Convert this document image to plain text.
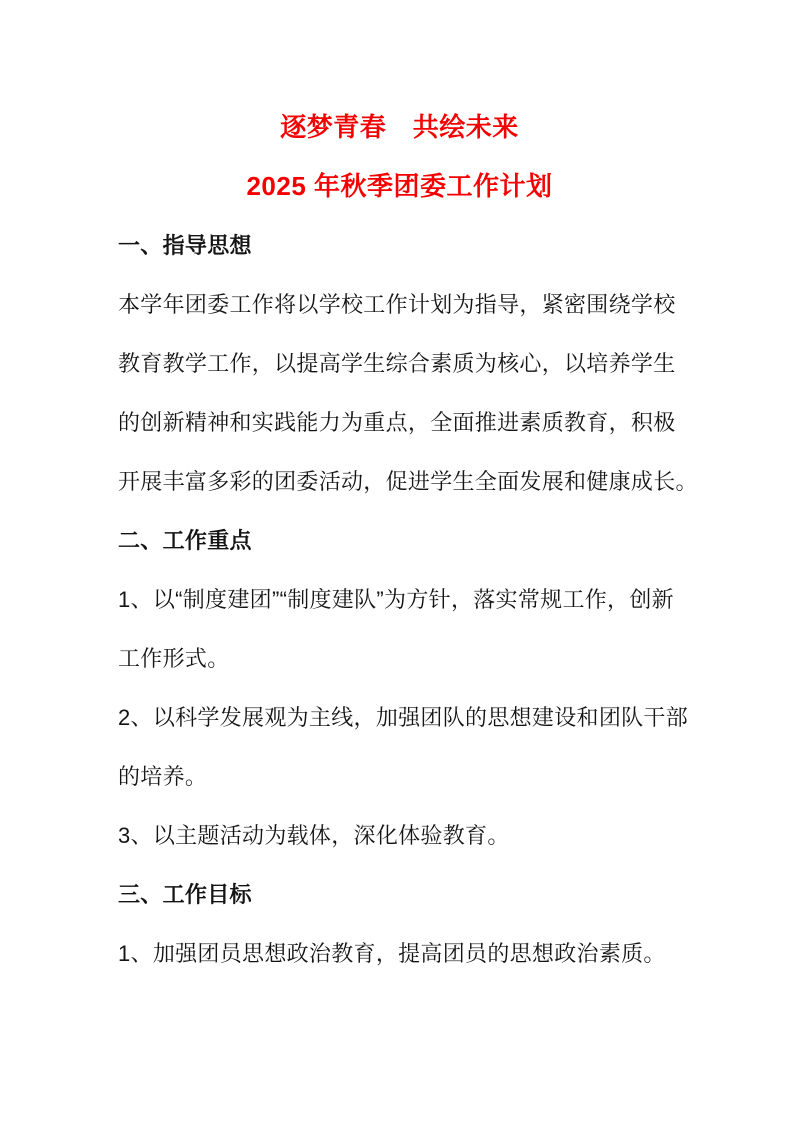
逐梦青春　共绘未来
2025 年秋季团委工作计划
一、指导思想
本学年团委工作将以学校工作计划为指导，紧密围绕学校
教育教学工作，以提高学生综合素质为核心，以培养学生
的创新精神和实践能力为重点，全面推进素质教育，积极
开展丰富多彩的团委活动，促进学生全面发展和健康成长。
二、工作重点
1、以“制度建团”“制度建队”为方针，落实常规工作，创新
工作形式。
2、以科学发展观为主线，加强团队的思想建设和团队干部
的培养。
3、以主题活动为载体，深化体验教育。
三、工作目标
1、加强团员思想政治教育，提高团员的思想政治素质。
